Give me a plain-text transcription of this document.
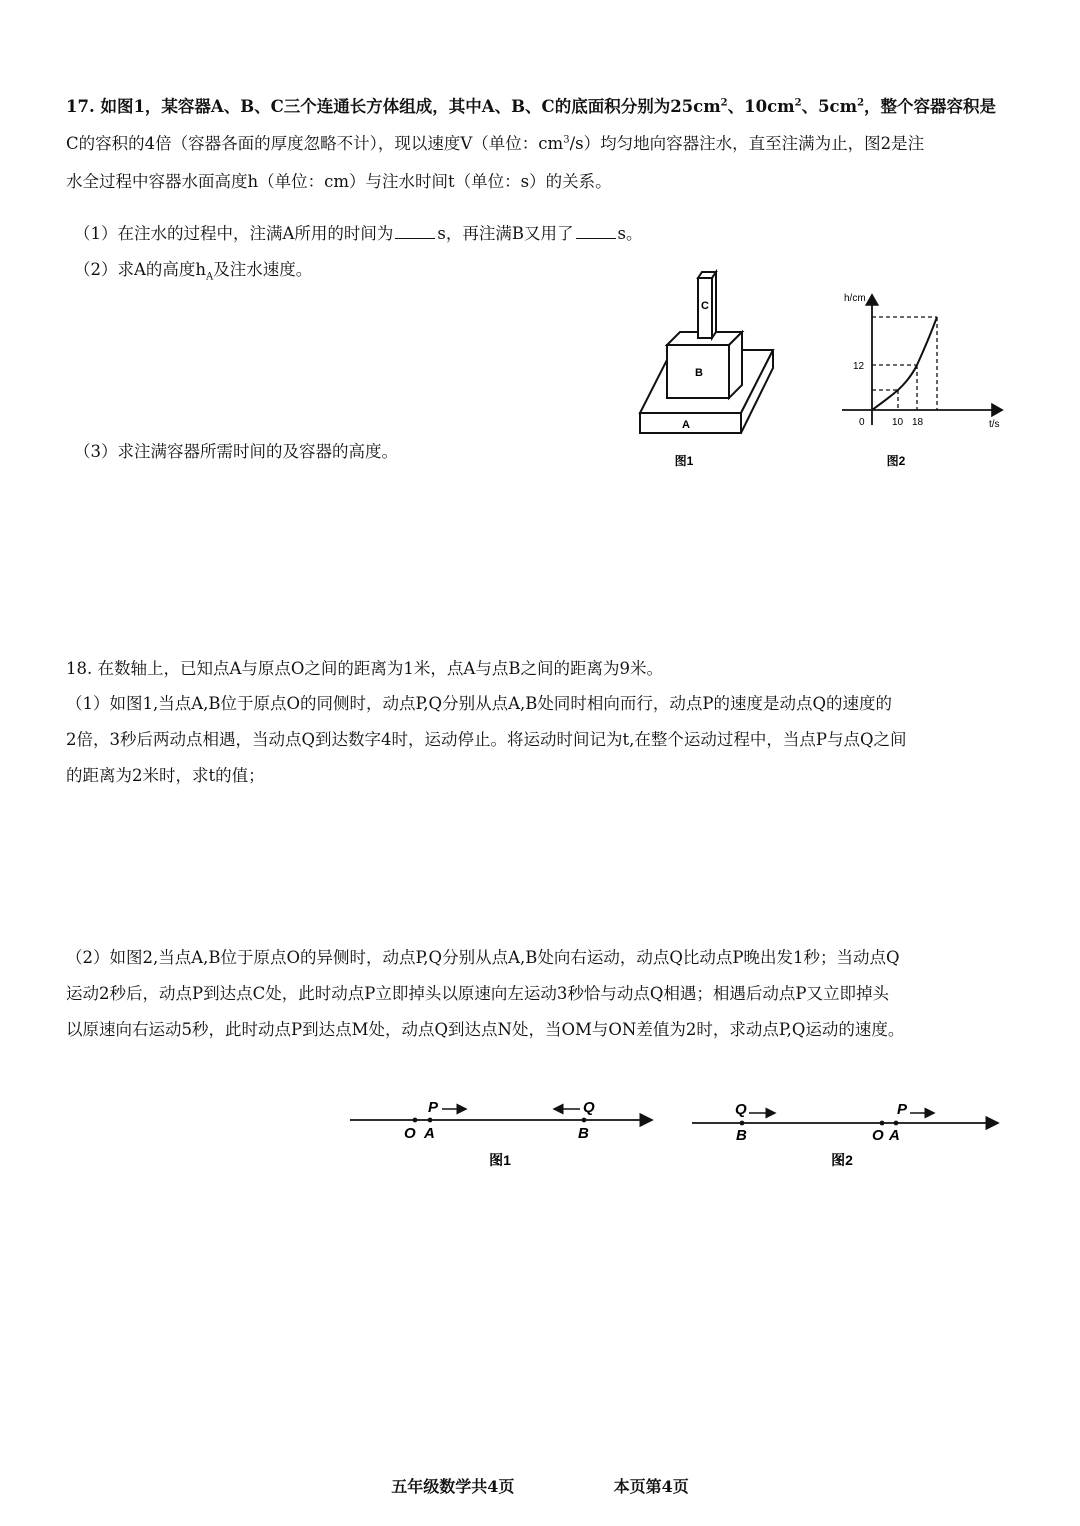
17. 如图1，某容器A、B、C三个连通长方体组成，其中A、B、C的底面积分别为$25cm^2$、$10cm^2$、$5cm^2$，整个容器容积是
C的容积的4倍（容器各面的厚度忽略不计），现以速度V（单位：$cm^3/s$）均匀地向容器注水，直至注满为止，图2是注
水全过程中容器水面高度h（单位：cm）与注水时间t（单位：s）的关系。
（1）在注水的过程中，注满A所用的时间为	s，再注满B又用了	s。
（2）求A的高度$h_A$及注水速度。
（3）求注满容器所需时间的及容器的高度。
C
B
A
图1
h/cm
t/s
0
12
10 18
图2
18. 在数轴上，已知点A与原点O之间的距离为1米，点A与点B之间的距离为9米。
（1）如图1,当点A,B位于原点O的同侧时，动点P,Q分别从点A,B处同时相向而行，动点P的速度是动点Q的速度的
2倍，3秒后两动点相遇，当动点Q到达数字4时，运动停止。将运动时间记为t,在整个运动过程中，当点P与点Q之间
的距离为2米时，求t的值；
（2）如图2,当点A,B位于原点O的异侧时，动点P,Q分别从点A,B处向右运动，动点Q比动点P晚出发1秒；当动点Q
运动2秒后，动点P到达点C处，此时动点P立即掉头以原速向左运动3秒恰与动点Q相遇；相遇后动点P又立即掉头
以原速向右运动5秒，此时动点P到达点M处，动点Q到达点N处，当OM与ON差值为2时，求动点P,Q运动的速度。
O A	B
P	Q
图1
B	O A
Q	P
图2
五年级数学共4页	本页第4页
